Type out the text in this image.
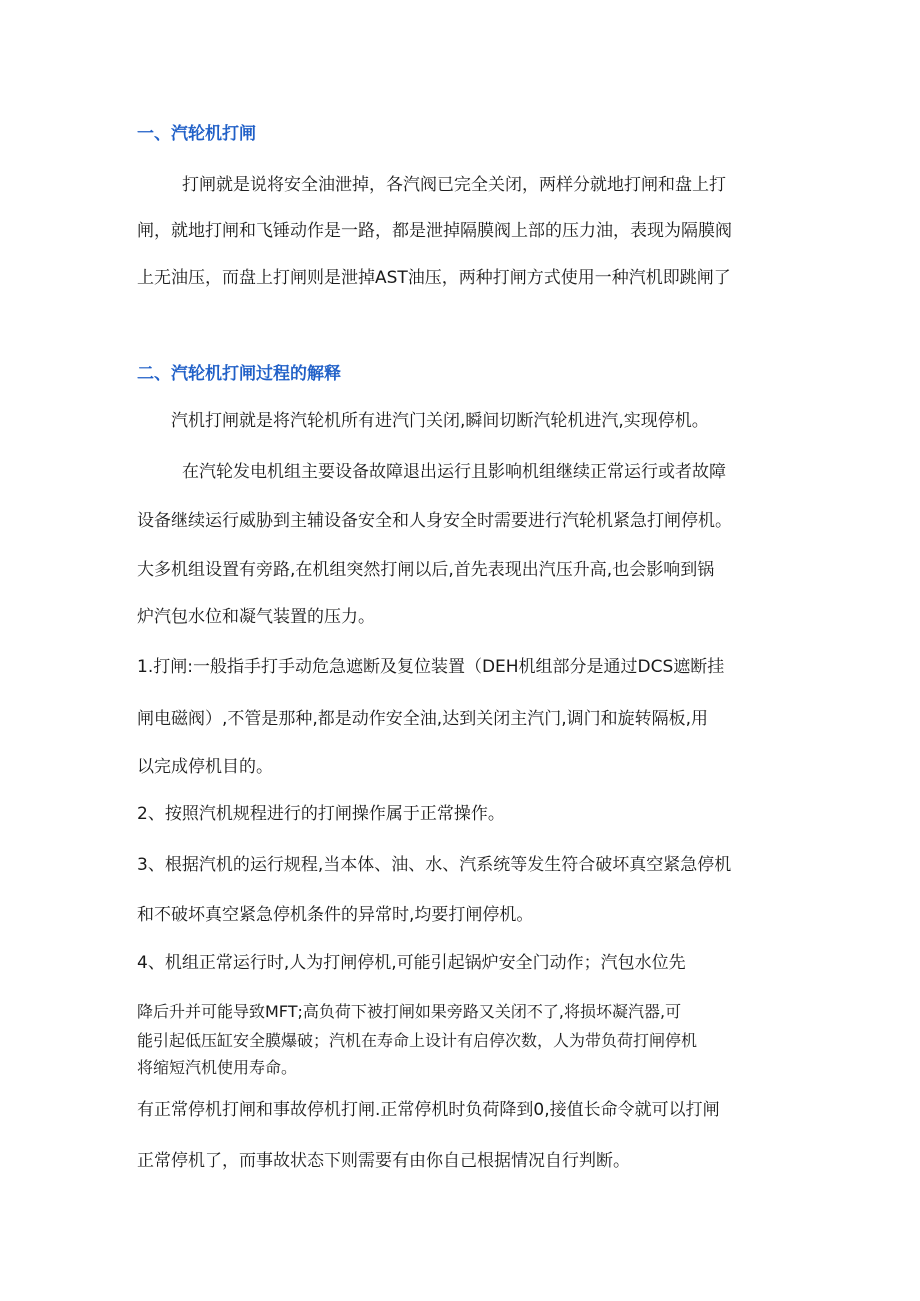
一、汽轮机打闸
打闸就是说将安全油泄掉，各汽阀已完全关闭，两样分就地打闸和盘上打
闸，就地打闸和飞锤动作是一路，都是泄掉隔膜阀上部的压力油，表现为隔膜阀
上无油压，而盘上打闸则是泄掉AST油压，两种打闸方式使用一种汽机即跳闸了
二、汽轮机打闸过程的解释
汽机打闸就是将汽轮机所有进汽门关闭,瞬间切断汽轮机进汽,实现停机。
在汽轮发电机组主要设备故障退出运行且影响机组继续正常运行或者故障
设备继续运行威胁到主辅设备安全和人身安全时需要进行汽轮机紧急打闸停机。
大多机组设置有旁路,在机组突然打闸以后,首先表现出汽压升高,也会影响到锅
炉汽包水位和凝气装置的压力。
1.打闸:一般指手打手动危急遮断及复位装置（DEH机组部分是通过DCS遮断挂
闸电磁阀）,不管是那种,都是动作安全油,达到关闭主汽门,调门和旋转隔板,用
以完成停机目的。
2、按照汽机规程进行的打闸操作属于正常操作。
3、根据汽机的运行规程,当本体、油、水、汽系统等发生符合破坏真空紧急停机
和不破坏真空紧急停机条件的异常时,均要打闸停机。
4、机组正常运行时,人为打闸停机,可能引起锅炉安全门动作；汽包水位先
降后升并可能导致MFT;高负荷下被打闸如果旁路又关闭不了,将损坏凝汽器,可
能引起低压缸安全膜爆破；汽机在寿命上设计有启停次数，人为带负荷打闸停机
将缩短汽机使用寿命。
有正常停机打闸和事故停机打闸.正常停机时负荷降到0,接值长命令就可以打闸
正常停机了，而事故状态下则需要有由你自己根据情况自行判断。
